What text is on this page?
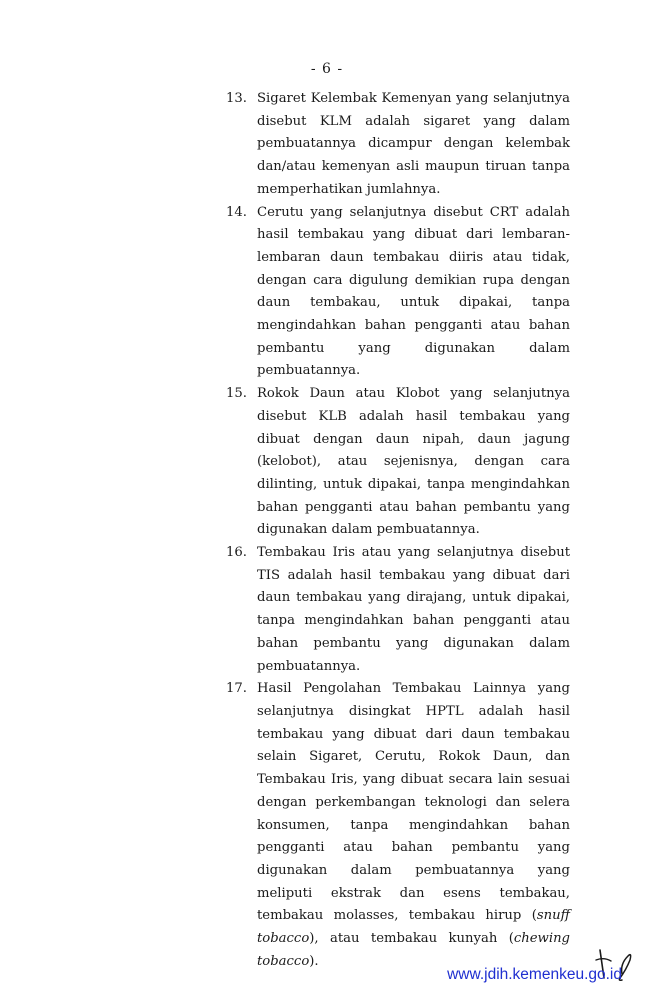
- 6 -
13. Sigaret Kelembak Kemenyan yang selanjutnya disebut KLM adalah sigaret yang dalam pembuatannya dicampur dengan kelembak dan/atau kemenyan asli maupun tiruan tanpa memperhatikan jumlahnya.
14. Cerutu yang selanjutnya disebut CRT adalah hasil tembakau yang dibuat dari lembaran-lembaran daun tembakau diiris atau tidak, dengan cara digulung demikian rupa dengan daun tembakau, untuk dipakai, tanpa mengindahkan bahan pengganti atau bahan pembantu yang digunakan dalam pembuatannya.
15. Rokok Daun atau Klobot yang selanjutnya disebut KLB adalah hasil tembakau yang dibuat dengan daun nipah, daun jagung (kelobot), atau sejenisnya, dengan cara dilinting, untuk dipakai, tanpa mengindahkan bahan pengganti atau bahan pembantu yang digunakan dalam pembuatannya.
16. Tembakau Iris atau yang selanjutnya disebut TIS adalah hasil tembakau yang dibuat dari daun tembakau yang dirajang, untuk dipakai, tanpa mengindahkan bahan pengganti atau bahan pembantu yang digunakan dalam pembuatannya.
17. Hasil Pengolahan Tembakau Lainnya yang selanjutnya disingkat HPTL adalah hasil tembakau yang dibuat dari daun tembakau selain Sigaret, Cerutu, Rokok Daun, dan Tembakau Iris, yang dibuat secara lain sesuai dengan perkembangan teknologi dan selera konsumen, tanpa mengindahkan bahan pengganti atau bahan pembantu yang digunakan dalam pembuatannya yang meliputi ekstrak dan esens tembakau, tembakau molasses, tembakau hirup (snuff tobacco), atau tembakau kunyah (chewing tobacco).
www.jdih.kemenkeu.go.id
